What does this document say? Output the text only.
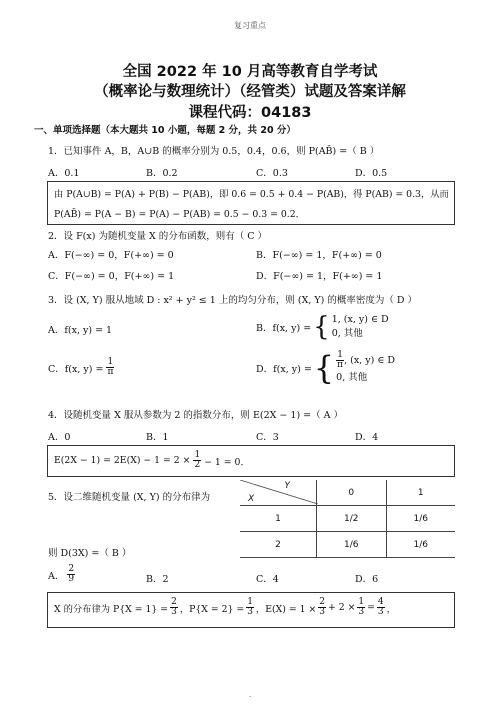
复习重点
全国 2022 年 10 月高等教育自学考试
（概率论与数理统计）（经管类）试题及答案详解
课程代码：04183
一、单项选择题（本大题共 10 小题，每题 2 分，共 20 分）
1．已知事件 A，B，A∪B 的概率分别为 0.5，0.4，0.6，则 P(AB̄) =（ B ）
A．0.1	B．0.2	C．0.3	D．0.5
由 P(A∪B) = P(A) + P(B) − P(AB)，即 0.6 = 0.5 + 0.4 − P(AB)，得 P(AB) = 0.3，从而
P(AB̄) = P(A − B) = P(A) − P(AB) = 0.5 − 0.3 = 0.2．
2．设 F(x) 为随机变量 X 的分布函数，则有（ C ）
A．F(−∞) = 0，F(+∞) = 0	B．F(−∞) = 1，F(+∞) = 0
C．F(−∞) = 0，F(+∞) = 1	D．F(−∞) = 1，F(+∞) = 1
3．设 (X, Y) 服从地域 D : x² + y² ≤ 1 上的均匀分布，则 (X, Y) 的概率密度为（ D ）
A．f(x, y) = 1	B．f(x, y) = { 1, (x, y) ∈ D
0, 其他
C．f(x, $y) = \frac{1}{\pi}$	D．f(x, y) = { $\frac{1}{\pi}$ , (x, y) ∈ D
0, 其他
4．设随机变量 X 服从参数为 2 的指数分布，则 E(2X − 1) =（ A ）
A．0	B．1	C．3	D．4
$E(2X - 1) = 2E(X) - 1 = 2 \times \frac{1}{2} - 1 = 0$．
5．设二维随机变量 (X, Y) 的分布律为
Y
X	0	1
1	1/2	1/6
2	1/6	1/6
则 D(3X) =（ B ）
A． $\frac{2}{9}$	B．2	C．4	D．6
X 的分布律为 $P\{X = 1\} = \frac{2}{3}$ ，$P\{X = 2\} = \frac{1}{3}$ ，$E(X) = 1 \times \frac{2}{3} + 2 \times \frac{1}{3} = \frac{4}{3}$ ，
.
